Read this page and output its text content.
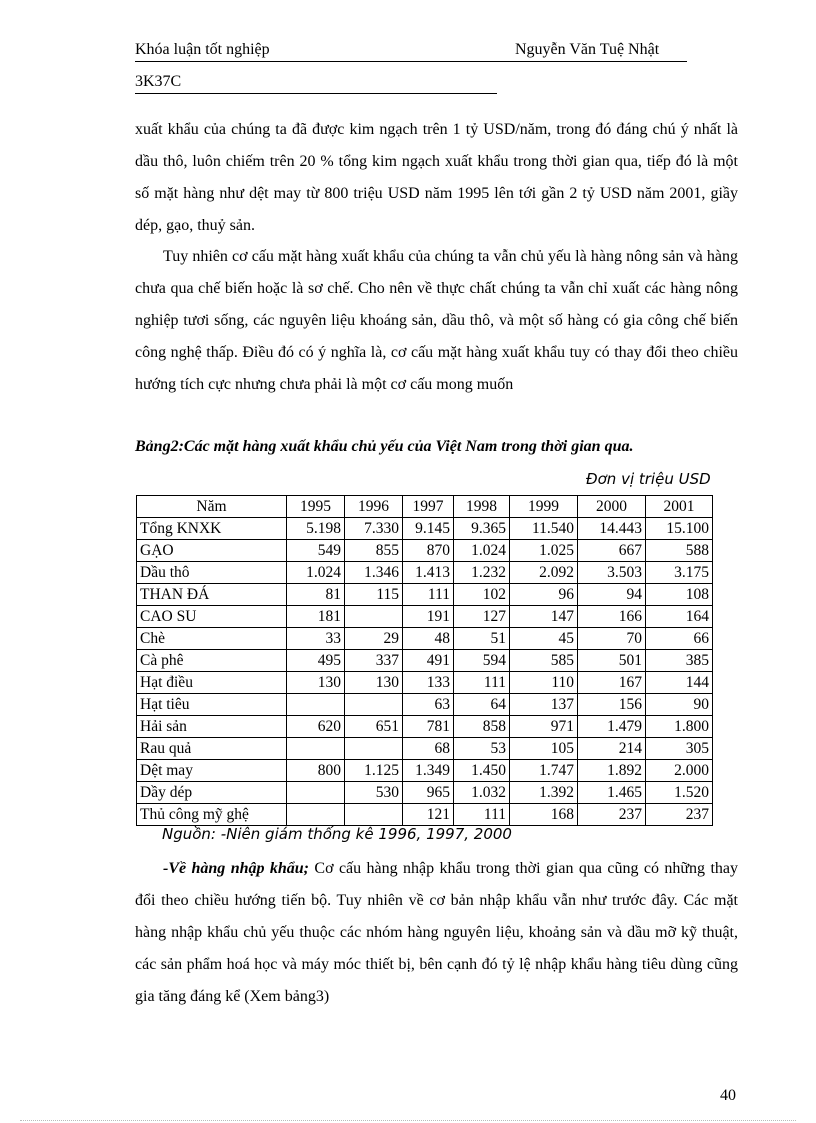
Khóa luận tốt nghiệp	Nguyễn Văn Tuệ Nhật
3K37C

xuất khẩu của chúng ta đã được kim ngạch trên 1 tỷ USD/năm, trong đó đáng chú ý nhất là dầu thô, luôn chiếm trên 20 % tổng kim ngạch xuất khẩu trong thời gian qua, tiếp đó là một số mặt hàng như dệt may từ 800 triệu USD năm 1995 lên tới gần 2 tỷ USD năm 2001, giầy dép, gạo, thuỷ sản.

Tuy nhiên cơ cấu mặt hàng xuất khẩu của chúng ta vẫn chủ yếu là hàng nông sản và hàng chưa qua chế biến hoặc là sơ chế. Cho nên về thực chất chúng ta vẫn chỉ xuất các hàng nông nghiệp tươi sống, các nguyên liệu khoáng sản, dầu thô, và một số hàng có gia công chế biến công nghệ thấp. Điều đó có ý nghĩa là, cơ cấu mặt hàng xuất khẩu tuy có thay đổi theo chiều hướng tích cực nhưng chưa phải là một cơ cấu mong muốn

Bảng2:Các mặt hàng xuất khẩu chủ yếu của Việt Nam trong thời gian qua.
Đơn vị triệu USD
Năm	1995	1996	1997	1998	1999	2000	2001
Tổng KNXK	5.198	7.330	9.145	9.365	11.540	14.443	15.100
GẠO	549	855	870	1.024	1.025	667	588
Dầu thô	1.024	1.346	1.413	1.232	2.092	3.503	3.175
THAN ĐÁ	81	115	111	102	96	94	108
CAO SU	181		191	127	147	166	164
Chè	33	29	48	51	45	70	66
Cà phê	495	337	491	594	585	501	385
Hạt điều	130	130	133	111	110	167	144
Hạt tiêu			63	64	137	156	90
Hải sản	620	651	781	858	971	1.479	1.800
Rau quả			68	53	105	214	305
Dệt may	800	1.125	1.349	1.450	1.747	1.892	2.000
Dầy dép		530	965	1.032	1.392	1.465	1.520
Thủ công mỹ ghệ			121	111	168	237	237
Nguồn: -Niên giám thống kê 1996, 1997, 2000

-Về hàng nhập khẩu; Cơ cấu hàng nhập khẩu trong thời gian qua cũng có những thay đổi theo chiều hướng tiến bộ. Tuy nhiên về cơ bản nhập khẩu vẫn như trước đây. Các mặt hàng nhập khẩu chủ yếu thuộc các nhóm hàng nguyên liệu, khoảng sản và dầu mỡ kỹ thuật, các sản phẩm hoá học và máy móc thiết bị, bên cạnh đó tỷ lệ nhập khẩu hàng tiêu dùng cũng gia tăng đáng kể (Xem bảng3)

40
